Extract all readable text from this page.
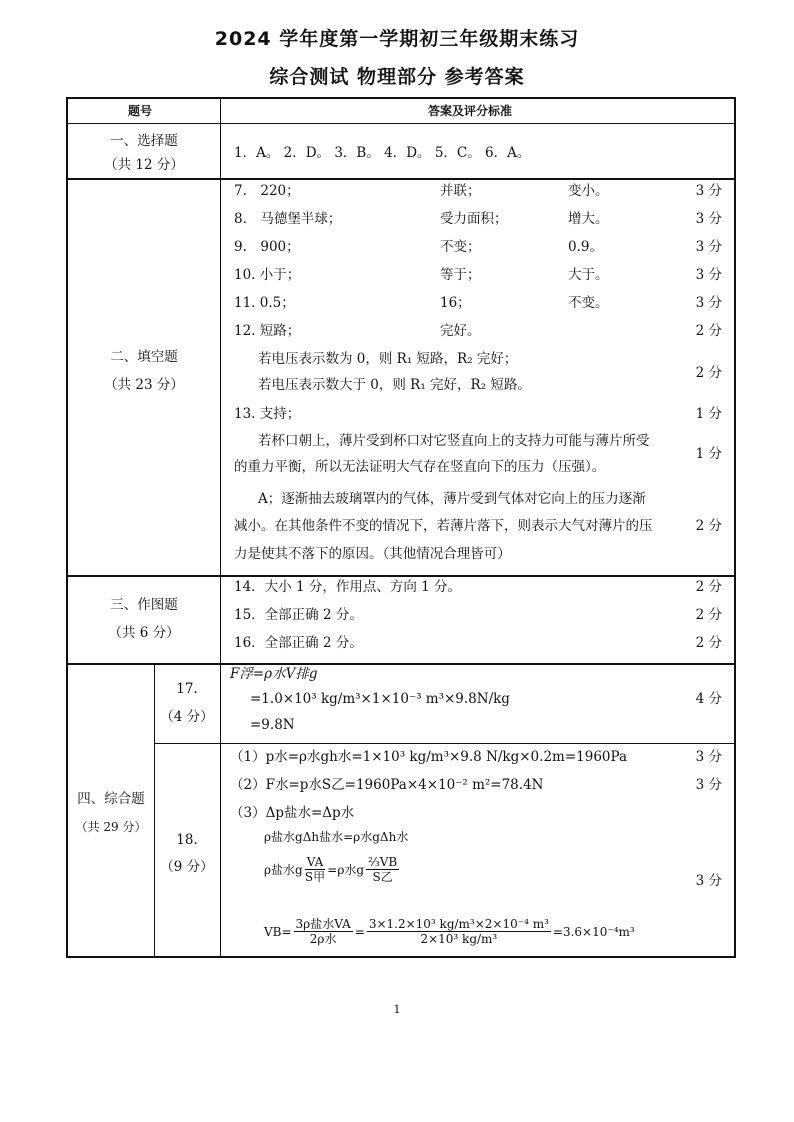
2024 学年度第一学期初三年级期末练习
综合测试 物理部分 参考答案
题号	答案及评分标准
一、选择题
（共 12 分）
1．A。 2．D。 3．B。 4．D。 5．C。 6．A。
二、填空题
（共 23 分）
7.　220；	并联；	变小。	3 分
8.　马德堡半球；	受力面积；	增大。	3 分
9.　900；	不变；	0.9。	3 分
10. 小于；	等于；	大于。	3 分
11. 0.5；	16；	不变。	3 分
12. 短路；	完好。	2 分
若电压表示数为 0，则 R₁ 短路，R₂ 完好；
若电压表示数大于 0，则 R₁ 完好，R₂ 短路。
2 分
13. 支持；	1 分
若杯口朝上，薄片受到杯口对它竖直向上的支持力可能与薄片所受
的重力平衡，所以无法证明大气存在竖直向下的压力（压强）。
1 分
A；逐渐抽去玻璃罩内的气体，薄片受到气体对它向上的压力逐渐
减小。在其他条件不变的情况下，若薄片落下，则表示大气对薄片的压
力是使其不落下的原因。（其他情况合理皆可）
2 分
三、作图题
（共 6 分）
14．大小 1 分，作用点、方向 1 分。	2 分
15．全部正确 2 分。	2 分
16．全部正确 2 分。	2 分
四、综合题
（共 29 分）
17.
（4 分）
F浮=ρ水V排g
=1.0×10³ kg/m³×1×10⁻³ m³×9.8N/kg
=9.8N
4 分
18.
（9 分）
（1）p水=ρ水gh水=1×10³ kg/m³×9.8 N/kg×0.2m=1960Pa	3 分
（2）F水=p水S乙=1960Pa×4×10⁻² m²=78.4N	3 分
（3）Δp盐水=Δp水
ρ盐水gΔh盐水=ρ水gΔh水
ρ盐水g $\frac{VA}{\text{S甲}} =\rho$水g $\frac{\text{⅔VB}}{\text{S乙}}$	3 分
$VB= \frac{\text{3ρ盐水VA}}{\text{2ρ水}} = \frac{\text{3×1.2×10³ kg/m³×2×10⁻⁴ m³}}{\text{2×10³ kg/m³}} =3.6\times 10^{-4}m^3$
1
